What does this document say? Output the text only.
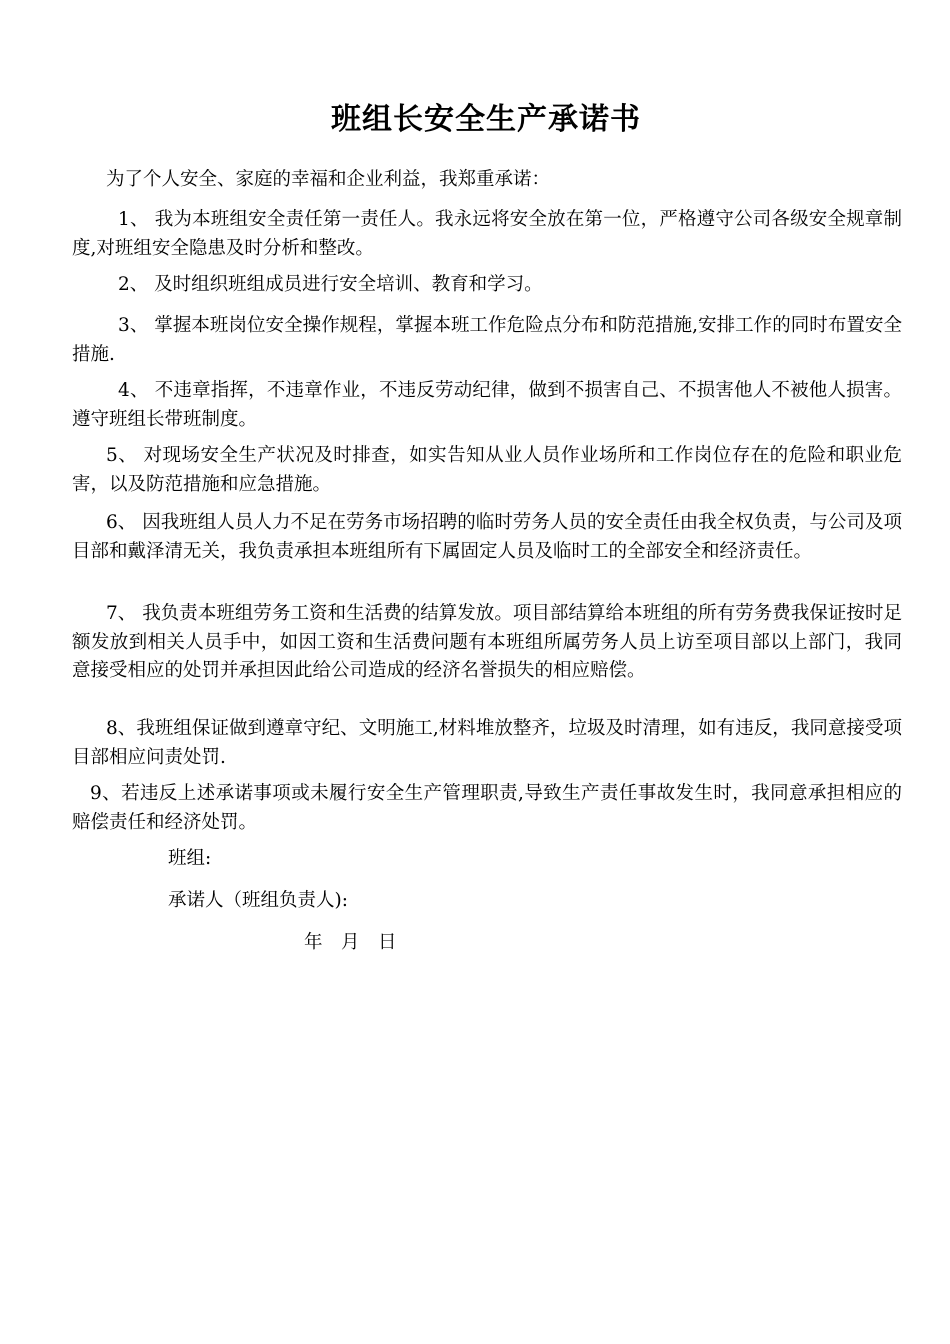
班组长安全生产承诺书

为了个人安全、家庭的幸福和企业利益，我郑重承诺：

1、 我为本班组安全责任第一责任人。我永远将安全放在第一位，严格遵守公司各级安全规章制度,对班组安全隐患及时分析和整改。

2、 及时组织班组成员进行安全培训、教育和学习。

3、 掌握本班岗位安全操作规程，掌握本班工作危险点分布和防范措施,安排工作的同时布置安全措施.

4、 不违章指挥，不违章作业，不违反劳动纪律，做到不损害自己、不损害他人不被他人损害。遵守班组长带班制度。

5、 对现场安全生产状况及时排查，如实告知从业人员作业场所和工作岗位存在的危险和职业危害，以及防范措施和应急措施。

6、 因我班组人员人力不足在劳务市场招聘的临时劳务人员的安全责任由我全权负责，与公司及项目部和戴泽清无关，我负责承担本班组所有下属固定人员及临时工的全部安全和经济责任。

7、 我负责本班组劳务工资和生活费的结算发放。项目部结算给本班组的所有劳务费我保证按时足额发放到相关人员手中，如因工资和生活费问题有本班组所属劳务人员上访至项目部以上部门，我同意接受相应的处罚并承担因此给公司造成的经济名誉损失的相应赔偿。

8、我班组保证做到遵章守纪、文明施工,材料堆放整齐，垃圾及时清理，如有违反，我同意接受项目部相应问责处罚.

9、若违反上述承诺事项或未履行安全生产管理职责,导致生产责任事故发生时，我同意承担相应的赔偿责任和经济处罚。

班组:

承诺人（班组负责人):

年　月　日
